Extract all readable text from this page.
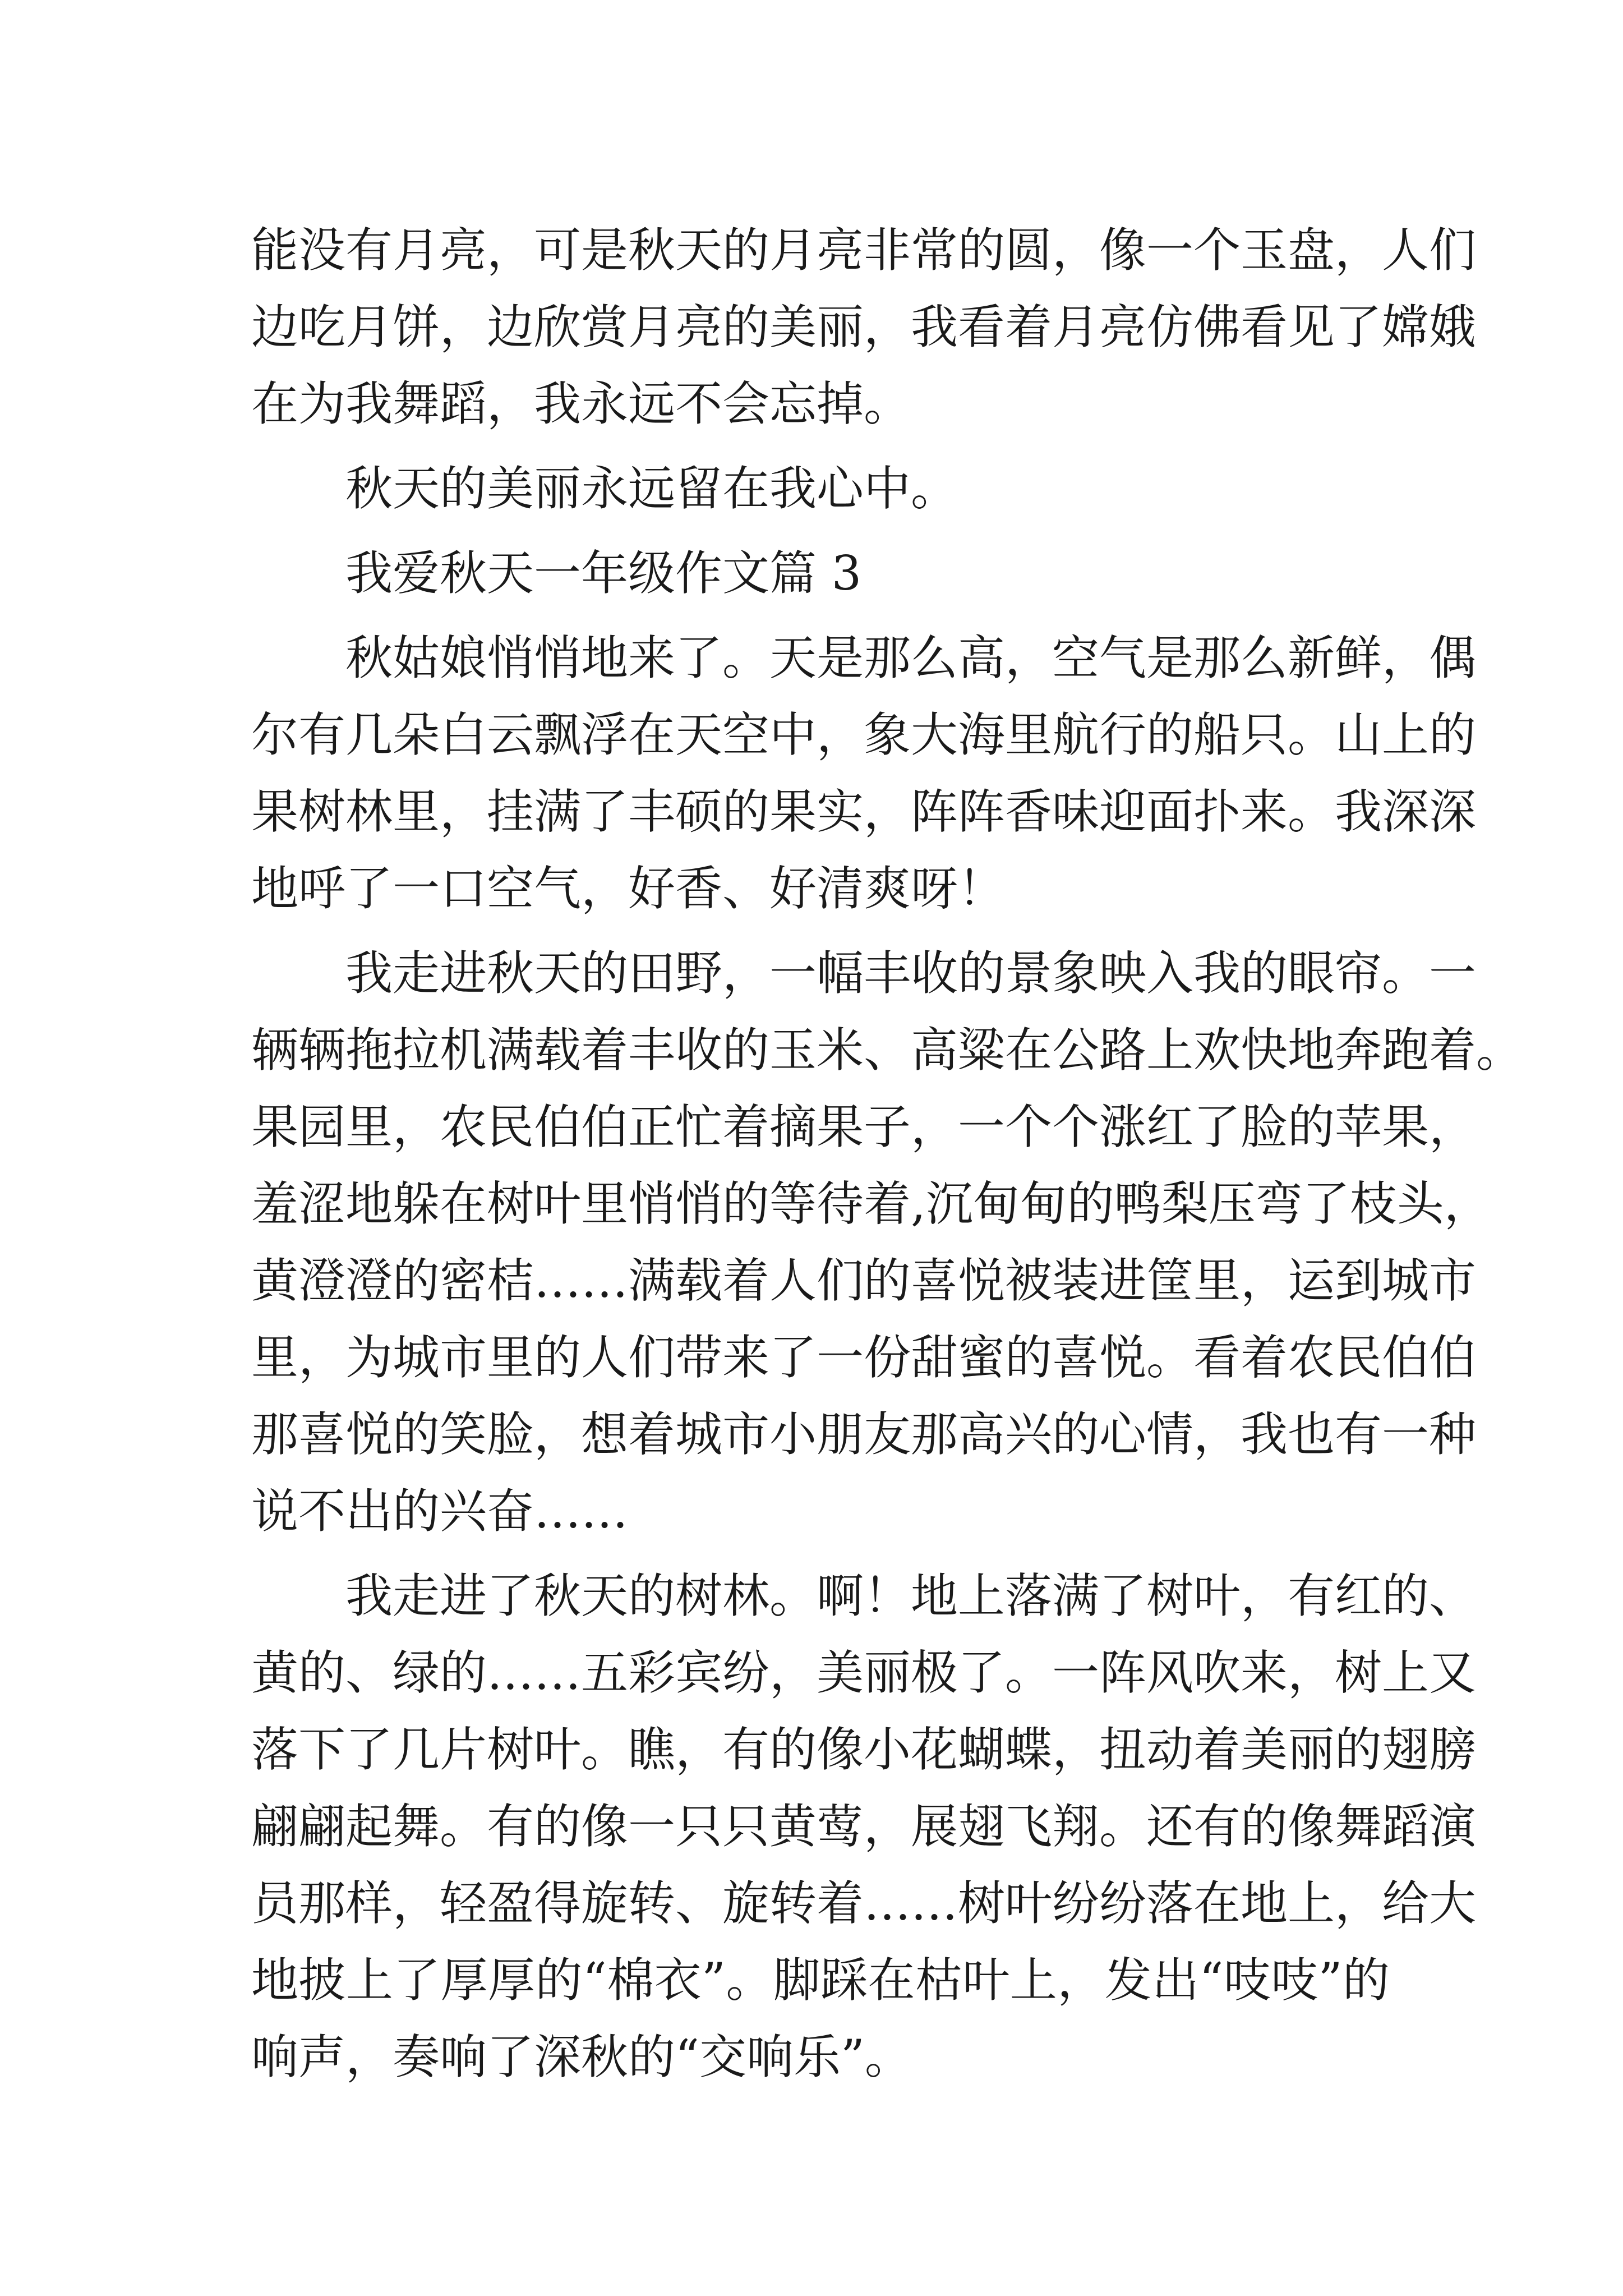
能没有月亮，可是秋天的月亮非常的圆，像一个玉盘，人们
边吃月饼，边欣赏月亮的美丽，我看着月亮仿佛看见了嫦娥
在为我舞蹈，我永远不会忘掉。
秋天的美丽永远留在我心中。
我爱秋天一年级作文篇 3
秋姑娘悄悄地来了。天是那么高，空气是那么新鲜，偶
尔有几朵白云飘浮在天空中，象大海里航行的船只。山上的
果树林里，挂满了丰硕的果实，阵阵香味迎面扑来。我深深
地呼了一口空气，好香、好清爽呀！
我走进秋天的田野，一幅丰收的景象映入我的眼帘。一
辆辆拖拉机满载着丰收的玉米、高粱在公路上欢快地奔跑着。
果园里，农民伯伯正忙着摘果子，一个个涨红了脸的苹果，
羞涩地躲在树叶里悄悄的等待着,沉甸甸的鸭梨压弯了枝头，
黄澄澄的密桔……满载着人们的喜悦被装进筐里，运到城市
里，为城市里的人们带来了一份甜蜜的喜悦。看着农民伯伯
那喜悦的笑脸，想着城市小朋友那高兴的心情，我也有一种
说不出的兴奋……
我走进了秋天的树林。啊！地上落满了树叶，有红的、
黄的、绿的……五彩宾纷，美丽极了。一阵风吹来，树上又
落下了几片树叶。瞧，有的像小花蝴蝶，扭动着美丽的翅膀
翩翩起舞。有的像一只只黄莺，展翅飞翔。还有的像舞蹈演
员那样，轻盈得旋转、旋转着……树叶纷纷落在地上，给大
地披上了厚厚的“棉衣”。脚踩在枯叶上，发出“吱吱”的
响声，奏响了深秋的“交响乐”。
